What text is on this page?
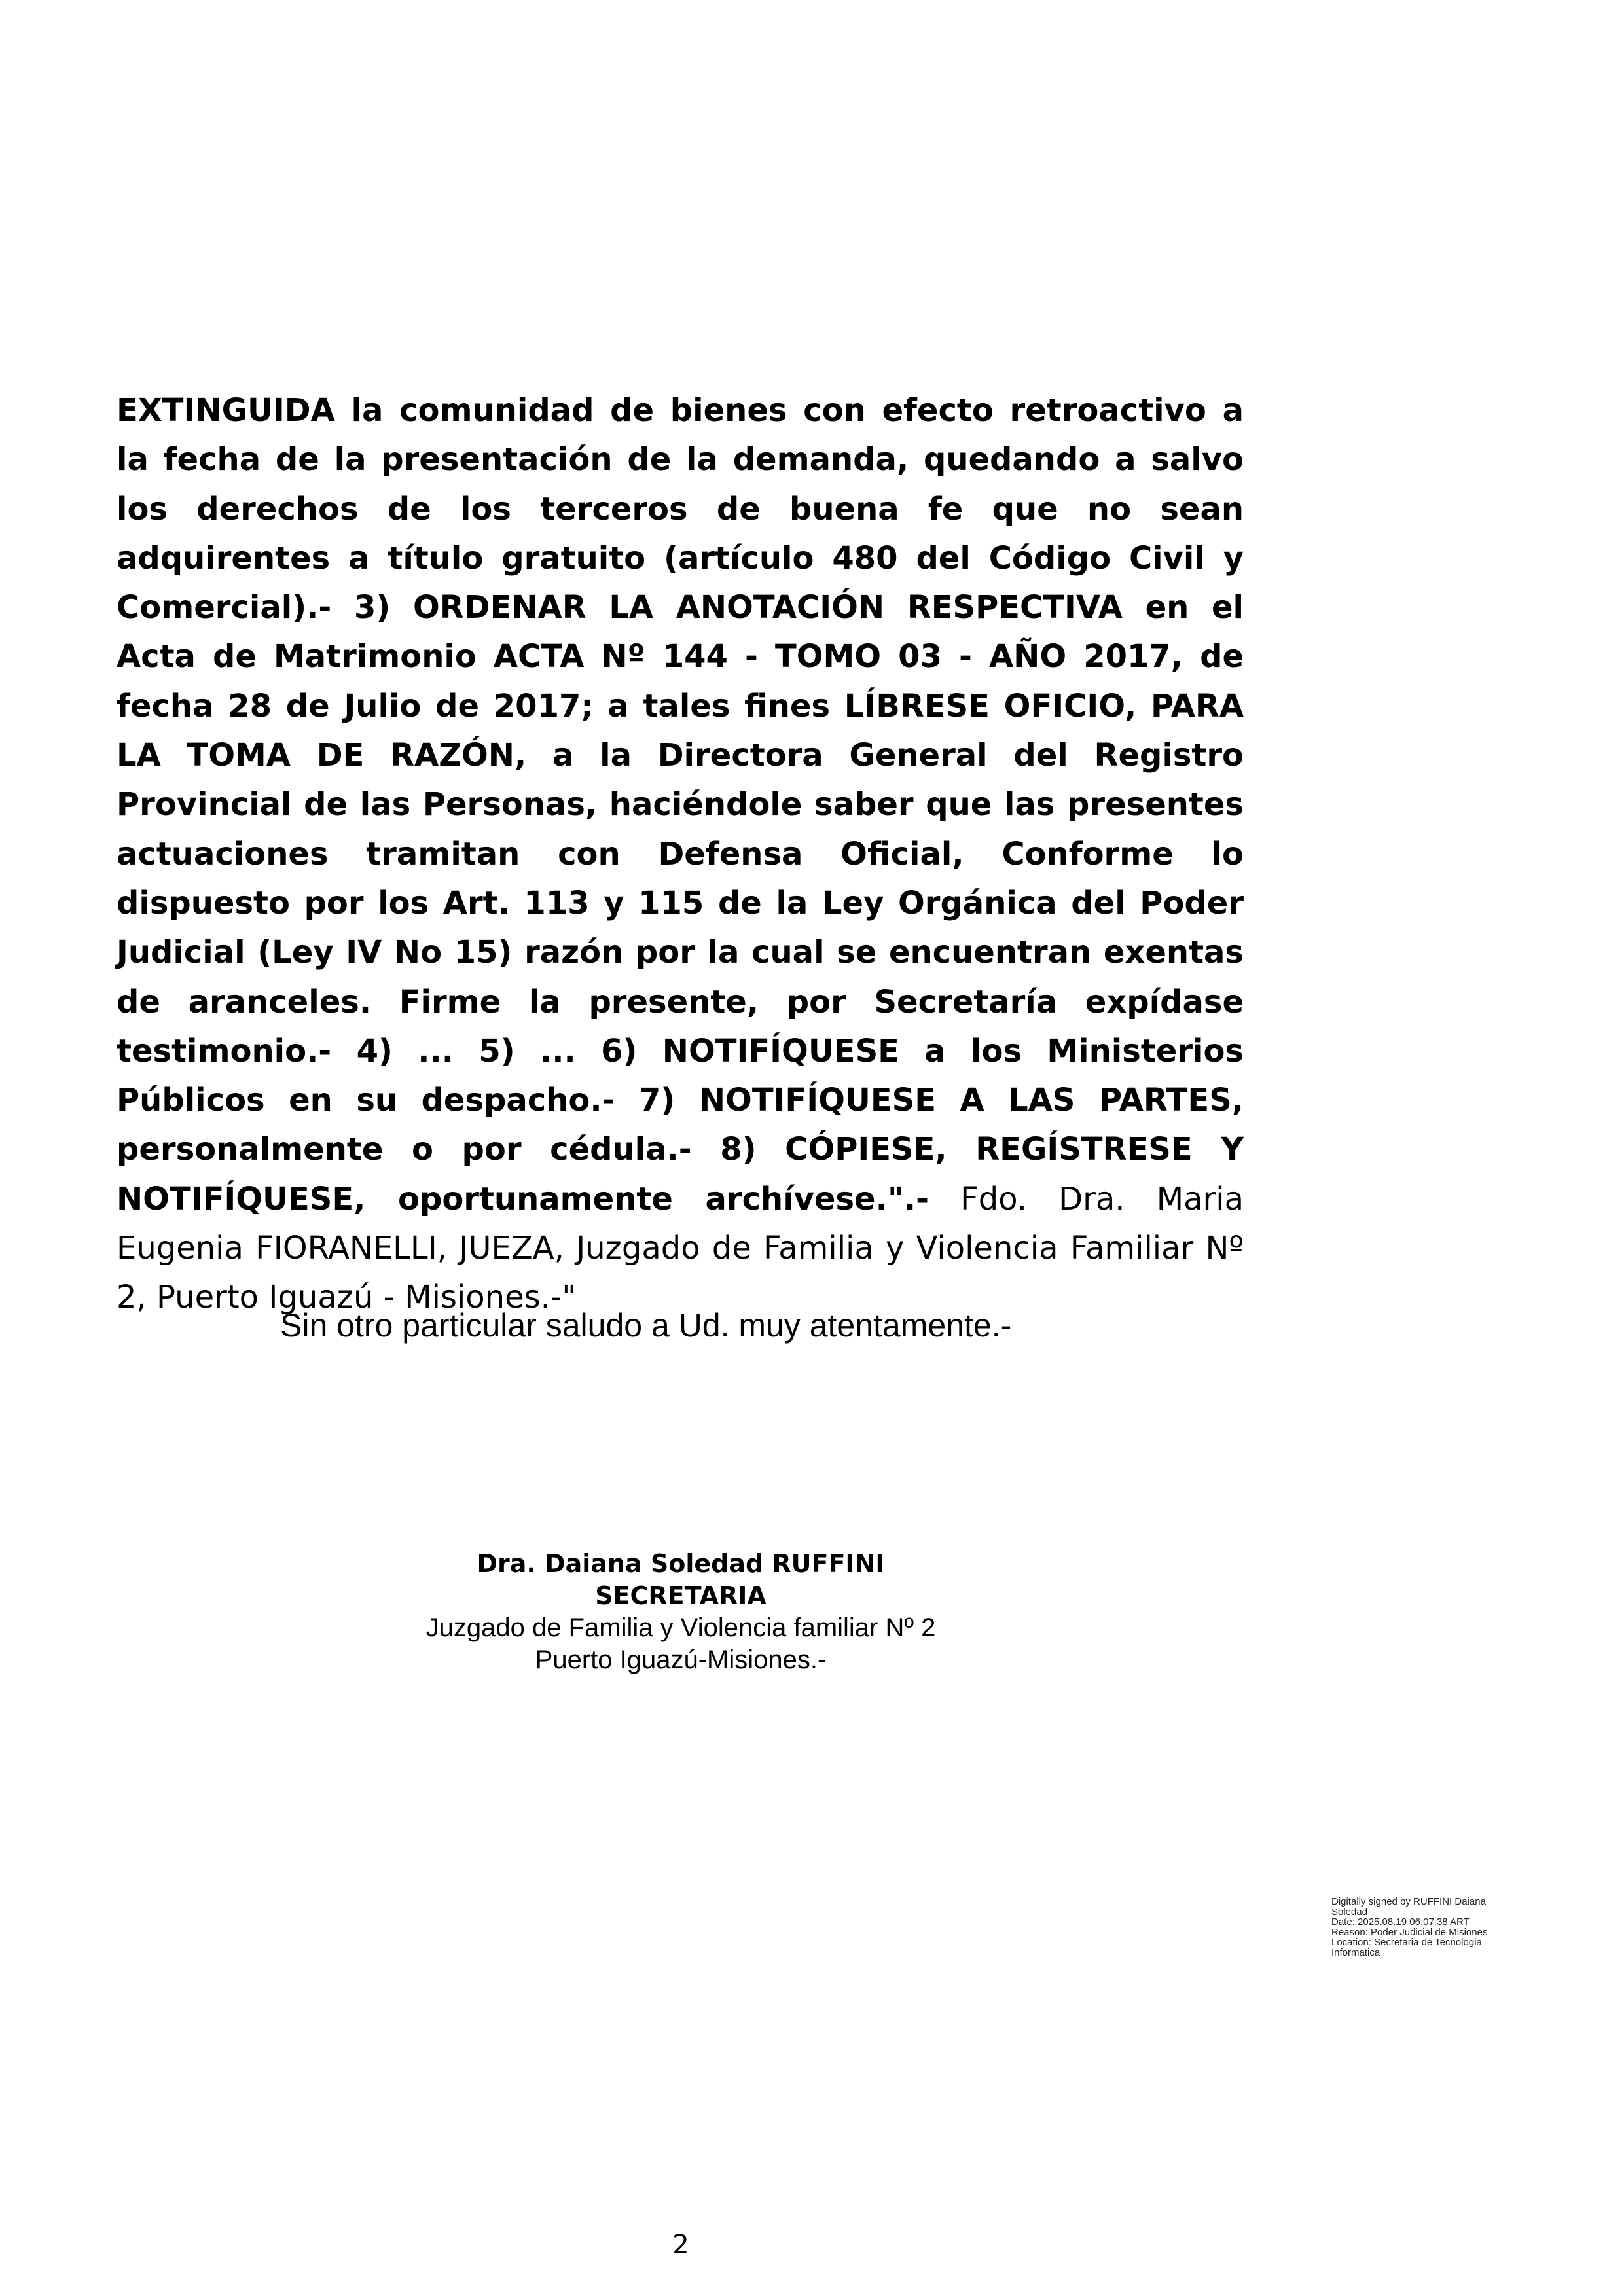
EXTINGUIDA la comunidad de bienes con efecto retroactivo a la fecha de la presentación de la demanda, quedando a salvo los derechos de los terceros de buena fe que no sean adquirentes a título gratuito (artículo 480 del Código Civil y Comercial).- 3) ORDENAR LA ANOTACIÓN RESPECTIVA en el Acta de Matrimonio ACTA Nº 144 - TOMO 03 - AÑO 2017, de fecha 28 de Julio de 2017; a tales fines LÍBRESE OFICIO, PARA LA TOMA DE RAZÓN, a la Directora General del Registro Provincial de las Personas, haciéndole saber que las presentes actuaciones tramitan con Defensa Oficial, Conforme lo dispuesto por los Art. 113 y 115 de la Ley Orgánica del Poder Judicial (Ley IV No 15) razón por la cual se encuentran exentas de aranceles. Firme la presente, por Secretaría expídase testimonio.- 4) ... 5) ... 6) NOTIFÍQUESE a los Ministerios Públicos en su despacho.- 7) NOTIFÍQUESE A LAS PARTES, personalmente o por cédula.- 8) CÓPIESE, REGÍSTRESE Y NOTIFÍQUESE, oportunamente archívese.".- Fdo. Dra. Maria Eugenia FIORANELLI, JUEZA, Juzgado de Familia y Violencia Familiar Nº 2, Puerto Iguazú - Misiones.-"

Sin otro particular saludo a Ud. muy atentamente.-

Dra. Daiana Soledad RUFFINI
SECRETARIA
Juzgado de Familia y Violencia familiar Nº 2
Puerto Iguazú-Misiones.-
Digitally signed by RUFFINI Daiana Soledad
Date: 2025.08.19 06:07:38 ART
Reason: Poder Judicial de Misiones
Location: Secretaria de Tecnologia Informatica
2
